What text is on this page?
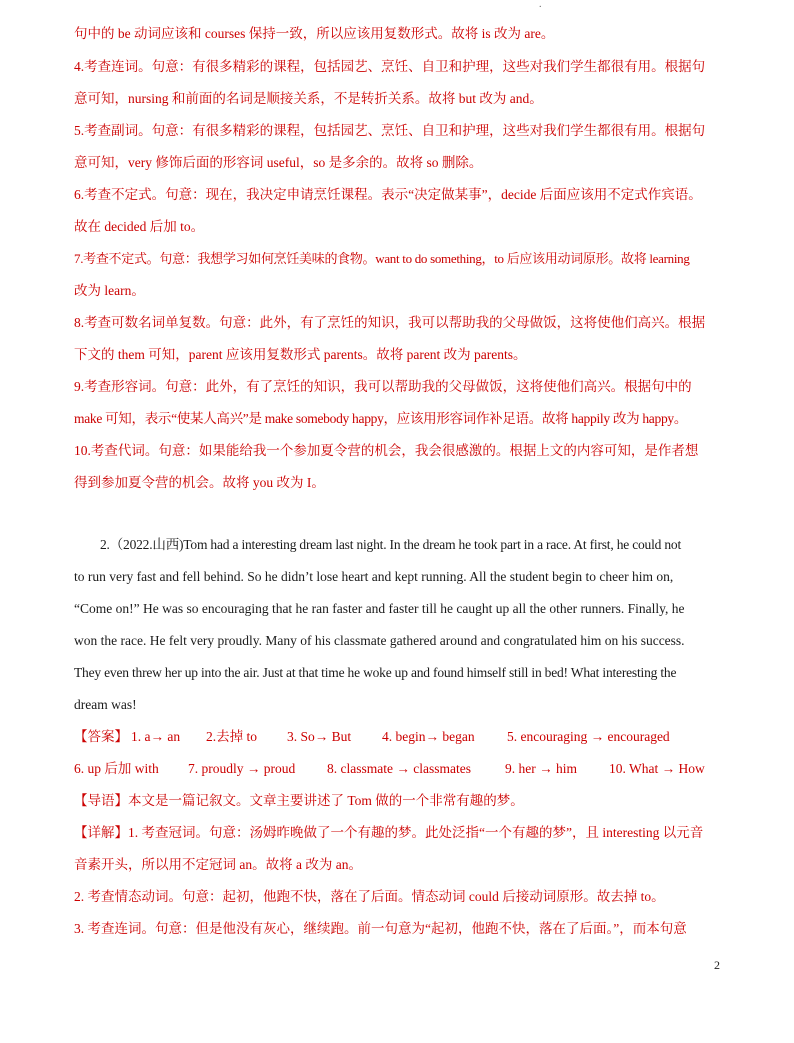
.
句中的 be 动词应该和 courses 保持一致，所以应该用复数形式。故将 is 改为 are。
4.考查连词。句意：有很多精彩的课程，包括园艺、烹饪、自卫和护理，这些对我们学生都很有用。根据句
意可知，nursing 和前面的名词是顺接关系，不是转折关系。故将 but 改为 and。
5.考查副词。句意：有很多精彩的课程，包括园艺、烹饪、自卫和护理，这些对我们学生都很有用。根据句
意可知，very 修饰后面的形容词 useful，so 是多余的。故将 so 删除。
6.考查不定式。句意：现在，我决定申请烹饪课程。表示“决定做某事”，decide 后面应该用不定式作宾语。
故在 decided 后加 to。
7.考查不定式。句意：我想学习如何烹饪美味的食物。want to do something，to 后应该用动词原形。故将 learning
改为 learn。
8.考查可数名词单复数。句意：此外，有了烹饪的知识，我可以帮助我的父母做饭，这将使他们高兴。根据
下文的 them 可知，parent 应该用复数形式 parents。故将 parent 改为 parents。
9.考查形容词。句意：此外，有了烹饪的知识，我可以帮助我的父母做饭，这将使他们高兴。根据句中的
make 可知，表示“使某人高兴”是 make somebody happy，应该用形容词作补足语。故将 happily 改为 happy。
10.考查代词。句意：如果能给我一个参加夏令营的机会，我会很感激的。根据上文的内容可知，是作者想
得到参加夏令营的机会。故将 you 改为 I。
2.（2022.山西)Tom had a interesting dream last night. In the dream he took part in a race. At first, he could not
to run very fast and fell behind. So he didn’t lose heart and kept running. All the student begin to cheer him on,
“Come on!” He was so encouraging that he ran faster and faster till he caught up all the other runners. Finally, he
won the race. He felt very proudly. Many of his classmate gathered around and congratulated him on his success.
They even threw her up into the air. Just at that time he woke up and found himself still in bed! What interesting the
dream was!
【答案】 1. a→ an 2.去掉 to 3. So→ But 4. begin→ began 5. encouraging → encouraged
6. up 后加 with 7. proudly → proud 8. classmate → classmates	9. her → him 10. What → How
【导语】本文是一篇记叙文。文章主要讲述了 Tom 做的一个非常有趣的梦。
【详解】1. 考查冠词。句意：汤姆昨晚做了一个有趣的梦。此处泛指“一个有趣的梦”，且 interesting 以元音
音素开头，所以用不定冠词 an。故将 a 改为 an。
2. 考查情态动词。句意：起初，他跑不快，落在了后面。情态动词 could 后接动词原形。故去掉 to。
3. 考查连词。句意：但是他没有灰心，继续跑。前一句意为“起初，他跑不快，落在了后面。”，而本句意
2
